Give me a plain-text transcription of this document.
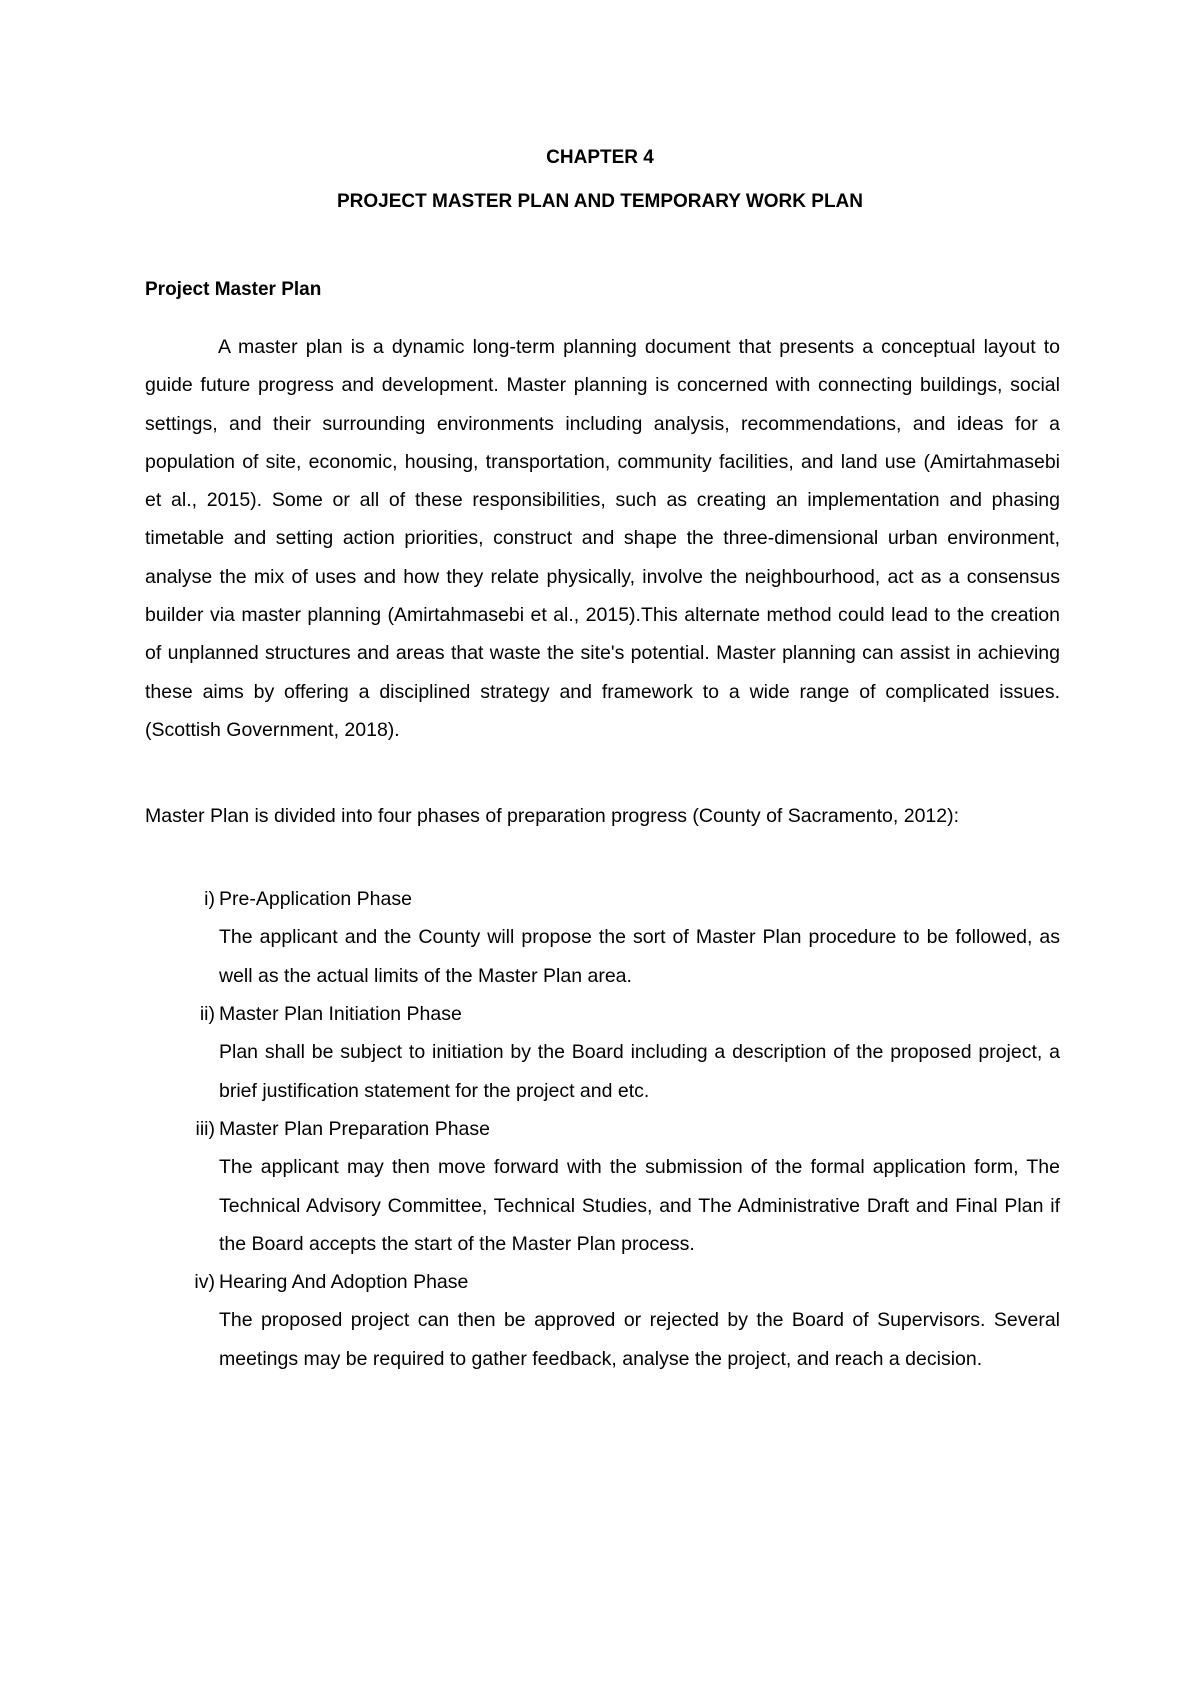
CHAPTER 4
PROJECT MASTER PLAN AND TEMPORARY WORK PLAN
Project Master Plan

A master plan is a dynamic long-term planning document that presents a conceptual layout to guide future progress and development. Master planning is concerned with connecting buildings, social settings, and their surrounding environments including analysis, recommendations, and ideas for a population of site, economic, housing, transportation, community facilities, and land use (Amirtahmasebi et al., 2015). Some or all of these responsibilities, such as creating an implementation and phasing timetable and setting action priorities, construct and shape the three-dimensional urban environment, analyse the mix of uses and how they relate physically, involve the neighbourhood, act as a consensus builder via master planning (Amirtahmasebi et al., 2015).This alternate method could lead to the creation of unplanned structures and areas that waste the site's potential. Master planning can assist in achieving these aims by offering a disciplined strategy and framework to a wide range of complicated issues. (Scottish Government, 2018).

Master Plan is divided into four phases of preparation progress (County of Sacramento, 2012):

i) Pre-Application Phase

The applicant and the County will propose the sort of Master Plan procedure to be followed, as well as the actual limits of the Master Plan area.

ii) Master Plan Initiation Phase

Plan shall be subject to initiation by the Board including a description of the proposed project, a brief justification statement for the project and etc.

iii) Master Plan Preparation Phase

The applicant may then move forward with the submission of the formal application form, The Technical Advisory Committee, Technical Studies, and The Administrative Draft and Final Plan if the Board accepts the start of the Master Plan process.

iv) Hearing And Adoption Phase

The proposed project can then be approved or rejected by the Board of Supervisors. Several meetings may be required to gather feedback, analyse the project, and reach a decision.
